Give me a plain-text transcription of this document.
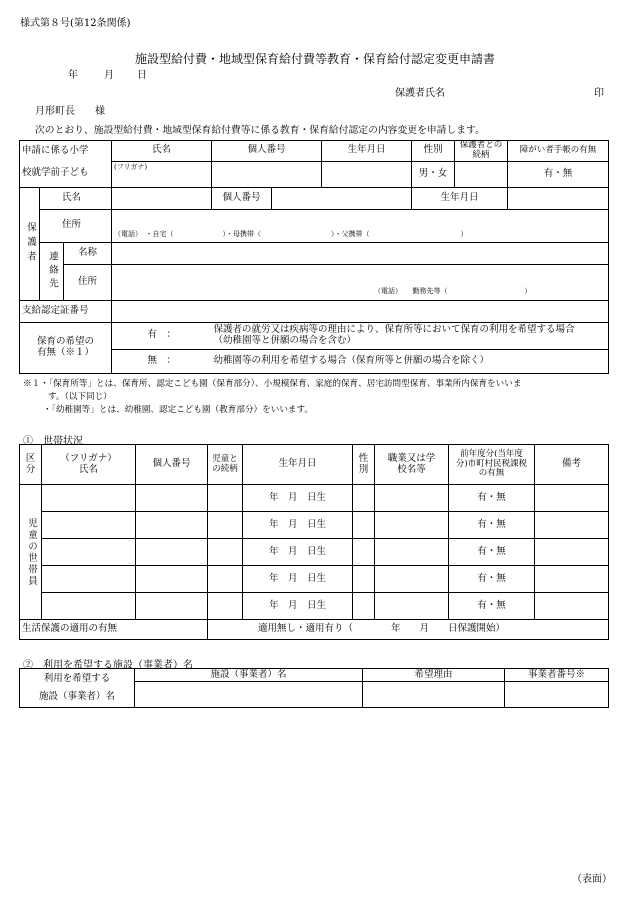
様式第８号(第12条関係)
施設型給付費・地域型保育給付費等教育・保育給付認定変更申請書
年	月 日
保護者氏名	印
月形町長　　様
次のとおり、施設型給付費・地域型保育給付費等に係る教育・保育給付認定の内容変更を申請します。
申請に係る小学			氏名	個人番号		生年月日	性別	保護者との続柄	障がい者手帳の有無
校就学前子ども			(フリガナ)				男・女		有・無
保護者	氏名			個人番号			生年月日		
	住所		（電話）　・自宅（　　　　　　　）・母携帯（　　　　　　　　　　）・父携帯（　　　　　　　　　　　　　）						
	連絡先	名称							
		住所	（電話）　　勤務先等（　　　　　　　　　　　）						

支給認定証番号									
保育の希望の
有無（※１）			有　：	保護者の就労又は疾病等の理由により、保育所等において保育の利用を希望する場合
（幼稚園等と併願の場合を含む）					
			無　：	幼稚園等の利用を希望する場合（保育所等と併願の場合を除く）					
※１・「保育所等」とは、保育所、認定こども園（保育部分）、小規模保育、家庭的保育、居宅訪問型保育、事業所内保育をいいま
す。（以下同じ）
・「幼稚園等」とは、幼稚園、認定こども園（教育部分）をいいます。
①　世帯状況
区分	（フリガナ）氏名	個人番号	児童との続柄	生年月日	性別	職業又は学校名等	前年度分(当年度分)市町村民税課税の有無	備考
児童の世帯員				年　月　日生			有・無	
				年　月　日生			有・無	
				年　月　日生			有・無	
				年　月　日生			有・無	
				年　月　日生			有・無	
生活保護の適用の有無			適用無し・適用有り（　　　　年　　月　　日保護開始）					
②　利用を希望する施設（事業者）名
利用を希望する
施設（事業者）名	施設（事業者）名	希望理由	事業者番号※

（表面）
